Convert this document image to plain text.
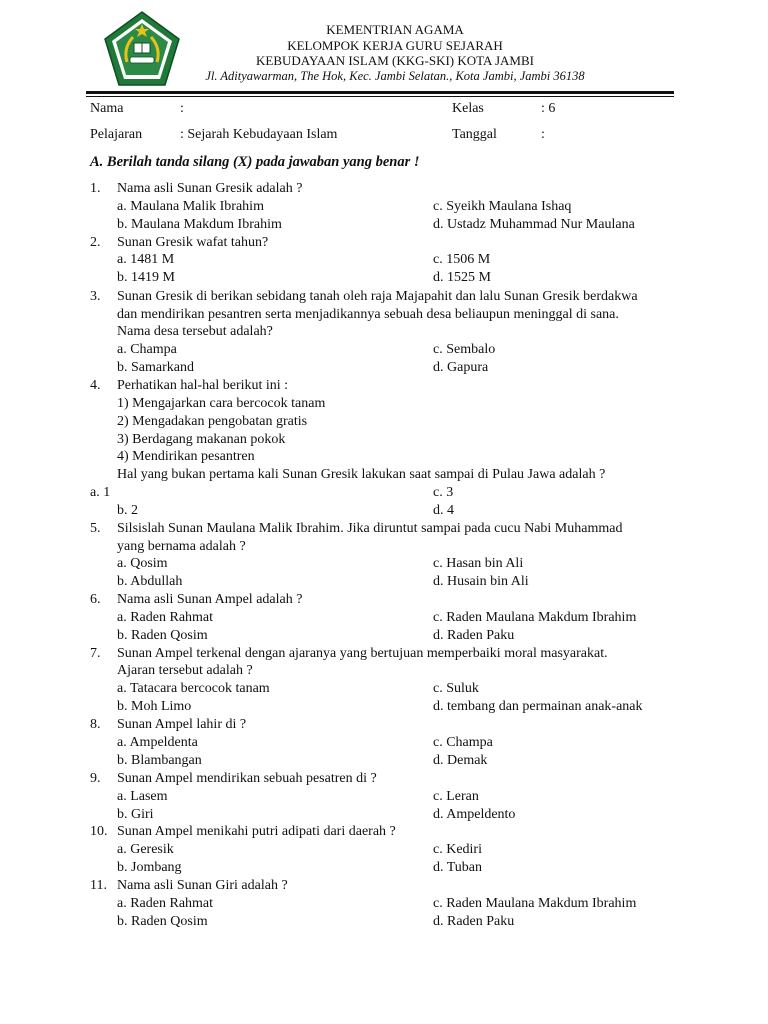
KEMENTRIAN AGAMA
KELOMPOK KERJA GURU SEJARAH
KEBUDAYAAN ISLAM (KKG-SKI) KOTA JAMBI
Jl. Adityawarman, The Hok, Kec. Jambi Selatan., Kota Jambi, Jambi 36138
Nama	:	Kelas	: 6
Pelajaran	: Sejarah Kebudayaan Islam	Tanggal	:
A. Berilah tanda silang (X) pada jawaban yang benar !
1. Nama asli Sunan Gresik adalah ?
a. Maulana Malik Ibrahim	c. Syeikh Maulana Ishaq
b. Maulana Makdum Ibrahim	d. Ustadz Muhammad Nur Maulana
2. Sunan Gresik wafat tahun?
a. 1481 M	c. 1506 M
b. 1419 M	d. 1525 M
3. Sunan Gresik di berikan sebidang tanah oleh raja Majapahit dan lalu Sunan Gresik berdakwa
dan mendirikan pesantren serta menjadikannya sebuah desa beliaupun meninggal di sana.
Nama desa tersebut adalah?
a. Champa	c. Sembalo
b. Samarkand	d. Gapura
4. Perhatikan hal-hal berikut ini :
1) Mengajarkan cara bercocok tanam
2) Mengadakan pengobatan gratis
3) Berdagang makanan pokok
4) Mendirikan pesantren
Hal yang bukan pertama kali Sunan Gresik lakukan saat sampai di Pulau Jawa adalah ?
a. 1	c. 3
b. 2	d. 4
5. Silsislah Sunan Maulana Malik Ibrahim. Jika diruntut sampai pada cucu Nabi Muhammad
yang bernama adalah ?
a. Qosim	c. Hasan bin Ali
b. Abdullah	d. Husain bin Ali
6. Nama asli Sunan Ampel adalah ?
a. Raden Rahmat	c. Raden Maulana Makdum Ibrahim
b. Raden Qosim	d. Raden Paku
7. Sunan Ampel terkenal dengan ajaranya yang bertujuan memperbaiki moral masyarakat.
Ajaran tersebut adalah ?
a. Tatacara bercocok tanam	c. Suluk
b. Moh Limo	d. tembang dan permainan anak-anak
8. Sunan Ampel lahir di ?
a. Ampeldenta	c. Champa
b. Blambangan	d. Demak
9. Sunan Ampel mendirikan sebuah pesatren di ?
a. Lasem	c. Leran
b. Giri	d. Ampeldento
10. Sunan Ampel menikahi putri adipati dari daerah ?
a. Geresik	c. Kediri
b. Jombang	d. Tuban
11. Nama asli Sunan Giri adalah ?
a. Raden Rahmat	c. Raden Maulana Makdum Ibrahim
b. Raden Qosim	d. Raden Paku
